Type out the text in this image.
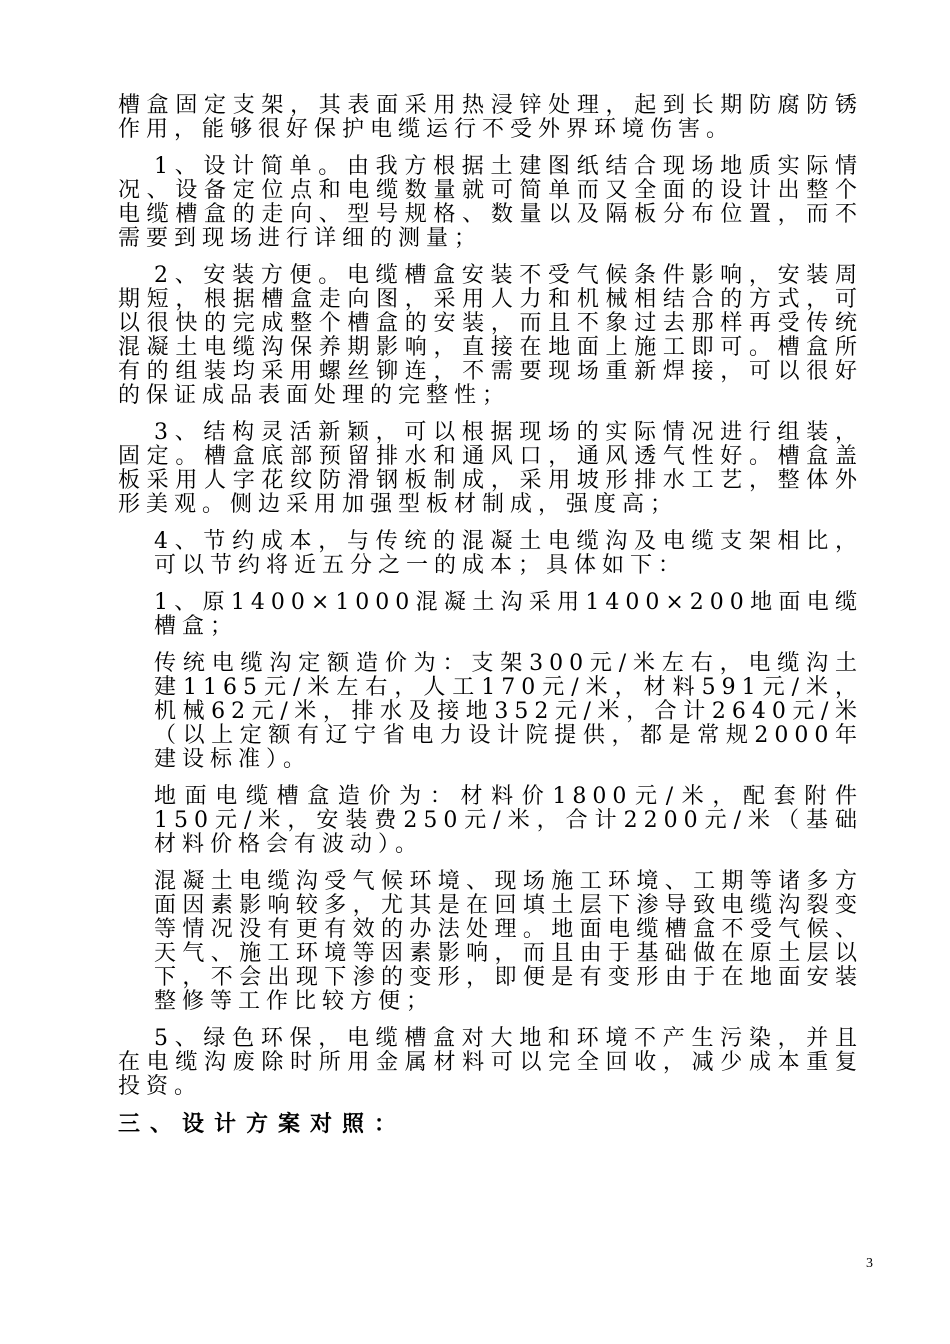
槽盒固定支架，其表面采用热浸锌处理，起到长期防腐防锈作用，能够很好保护电缆运行不受外界环境伤害。

1、设计简单。由我方根据土建图纸结合现场地质实际情况、设备定位点和电缆数量就可简单而又全面的设计出整个电缆槽盒的走向、型号规格、数量以及隔板分布位置，而不需要到现场进行详细的测量；

2、安装方便。电缆槽盒安装不受气候条件影响，安装周期短，根据槽盒走向图，采用人力和机械相结合的方式，可以很快的完成整个槽盒的安装，而且不象过去那样再受传统混凝土电缆沟保养期影响，直接在地面上施工即可。槽盒所有的组装均采用螺丝铆连，不需要现场重新焊接，可以很好的保证成品表面处理的完整性；

3、结构灵活新颖，可以根据现场的实际情况进行组装，固定。槽盒底部预留排水和通风口，通风透气性好。槽盒盖板采用人字花纹防滑钢板制成，采用坡形排水工艺，整体外形美观。侧边采用加强型板材制成，强度高；

4、节约成本，与传统的混凝土电缆沟及电缆支架相比，可以节约将近五分之一的成本；具体如下：

1、原1400×1000混凝土沟采用1400×200地面电缆槽盒；

传统电缆沟定额造价为：支架300元/米左右，电缆沟土建1165元/米左右，人工170元/米，材料591元/米，机械62元/米，排水及接地352元/米，合计2640元/米（以上定额有辽宁省电力设计院提供，都是常规2000年建设标准）。

地面电缆槽盒造价为：材料价1800元/米，配套附件150元/米，安装费250元/米，合计2200元/米（基础材料价格会有波动）。

混凝土电缆沟受气候环境、现场施工环境、工期等诸多方面因素影响较多，尤其是在回填土层下渗导致电缆沟裂变等情况没有更有效的办法处理。地面电缆槽盒不受气候、天气、施工环境等因素影响，而且由于基础做在原土层以下，不会出现下渗的变形，即便是有变形由于在地面安装整修等工作比较方便；

5、绿色环保，电缆槽盒对大地和环境不产生污染，并且在电缆沟废除时所用金属材料可以完全回收，减少成本重复投资。

三、设计方案对照：
3
